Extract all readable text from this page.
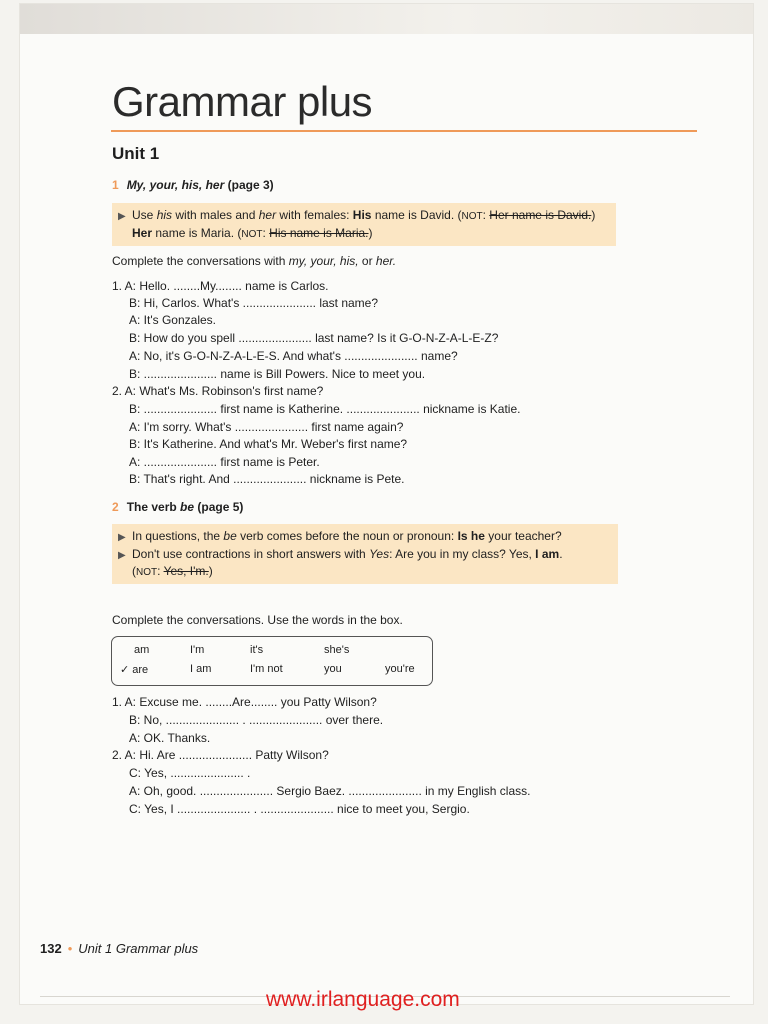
Grammar plus
Unit 1
1 My, your, his, her (page 3)
▶ Use his with males and her with females: His name is David. (NOT: Her name is David.) Her name is Maria. (NOT: His name is Maria.)
Complete the conversations with my, your, his, or her.
1. A: Hello. ........My........ name is Carlos.
B: Hi, Carlos. What's ...................... last name?
A: It's Gonzales.
B: How do you spell ...................... last name? Is it G-O-N-Z-A-L-E-Z?
A: No, it's G-O-N-Z-A-L-E-S. And what's ...................... name?
B: ...................... name is Bill Powers. Nice to meet you.
2. A: What's Ms. Robinson's first name?
B: ...................... first name is Katherine. ...................... nickname is Katie.
A: I'm sorry. What's ...................... first name again?
B: It's Katherine. And what's Mr. Weber's first name?
A: ...................... first name is Peter.
B: That's right. And ...................... nickname is Pete.
2 The verb be (page 5)
▶ In questions, the be verb comes before the noun or pronoun: Is he your teacher?
▶ Don't use contractions in short answers with Yes: Are you in my class? Yes, I am.
(NOT: Yes, I'm.)
Complete the conversations. Use the words in the box.
am	I'm	it's	she's
✓ are	I am	I'm not	you	you're
1. A: Excuse me. ........Are........ you Patty Wilson?
B: No, ...................... . ...................... over there.
A: OK. Thanks.
2. A: Hi. Are ...................... Patty Wilson?
C: Yes, ...................... .
A: Oh, good. ...................... Sergio Baez. ...................... in my English class.
C: Yes, I ...................... . ...................... nice to meet you, Sergio.
132 • Unit 1 Grammar plus
www.irlanguage.com
